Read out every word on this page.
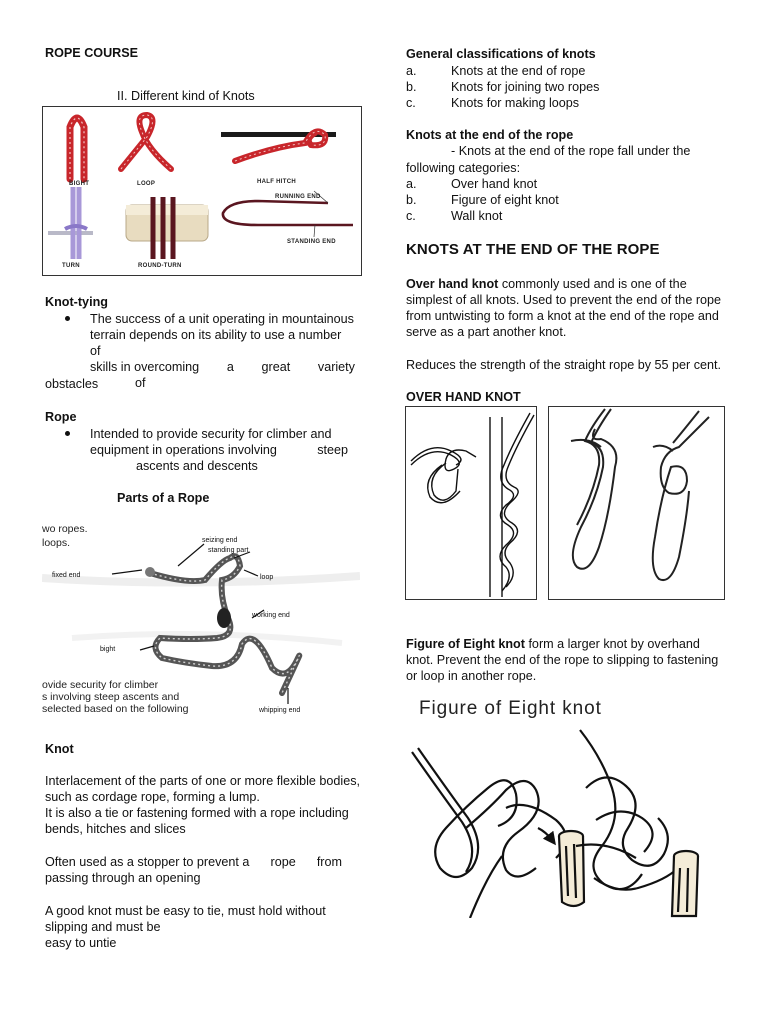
ROPE COURSE
II. Different kind of Knots
BIGHT	LOOP	HALF HITCH
RUNNING END
TURN	ROUND-TURN
STANDING END
Knot-tying
The success of a unit operating in mountainous
terrain depends on its ability to use a number of
skills in overcoming a great variety
of
obstacles
Rope
Intended to provide security for climber and
equipment in operations involving	steep
ascents and descents
Parts of a Rope
wo ropes.
loops.	seizing end
standing part
fixed end	loop
working end
bight
ovide security for climber
s involving steep ascents and
selected based on the following	whipping end
Knot
Interlacement of the parts of one or more flexible bodies,
such as cordage rope, forming a lump.
It is also a tie or fastening formed with a rope including
bends, hitches and slices
Often used as a stopper to prevent a rope from
passing through an opening
A good knot must be easy to tie, must hold without
slipping and must be
easy to untie
General classifications of knots
a.	Knots at the end of rope
b.	Knots for joining two ropes
c.	Knots for making loops
Knots at the end of the rope
- Knots at the end of the rope fall under the
following categories:
a.	Over hand knot
b.	Figure of eight knot
c.	Wall knot
KNOTS AT THE END OF THE ROPE
Over hand knot commonly used and is one of the
simplest of all knots. Used to prevent the end of the rope
from untwisting to form a knot at the end of the rope and
serve as a part another knot.
Reduces the strength of the straight rope by 55 per cent.
OVER HAND KNOT
Figure of Eight knot form a larger knot by overhand
knot. Prevent the end of the rope to slipping to fastening
or loop in another rope.
Figure of Eight knot
